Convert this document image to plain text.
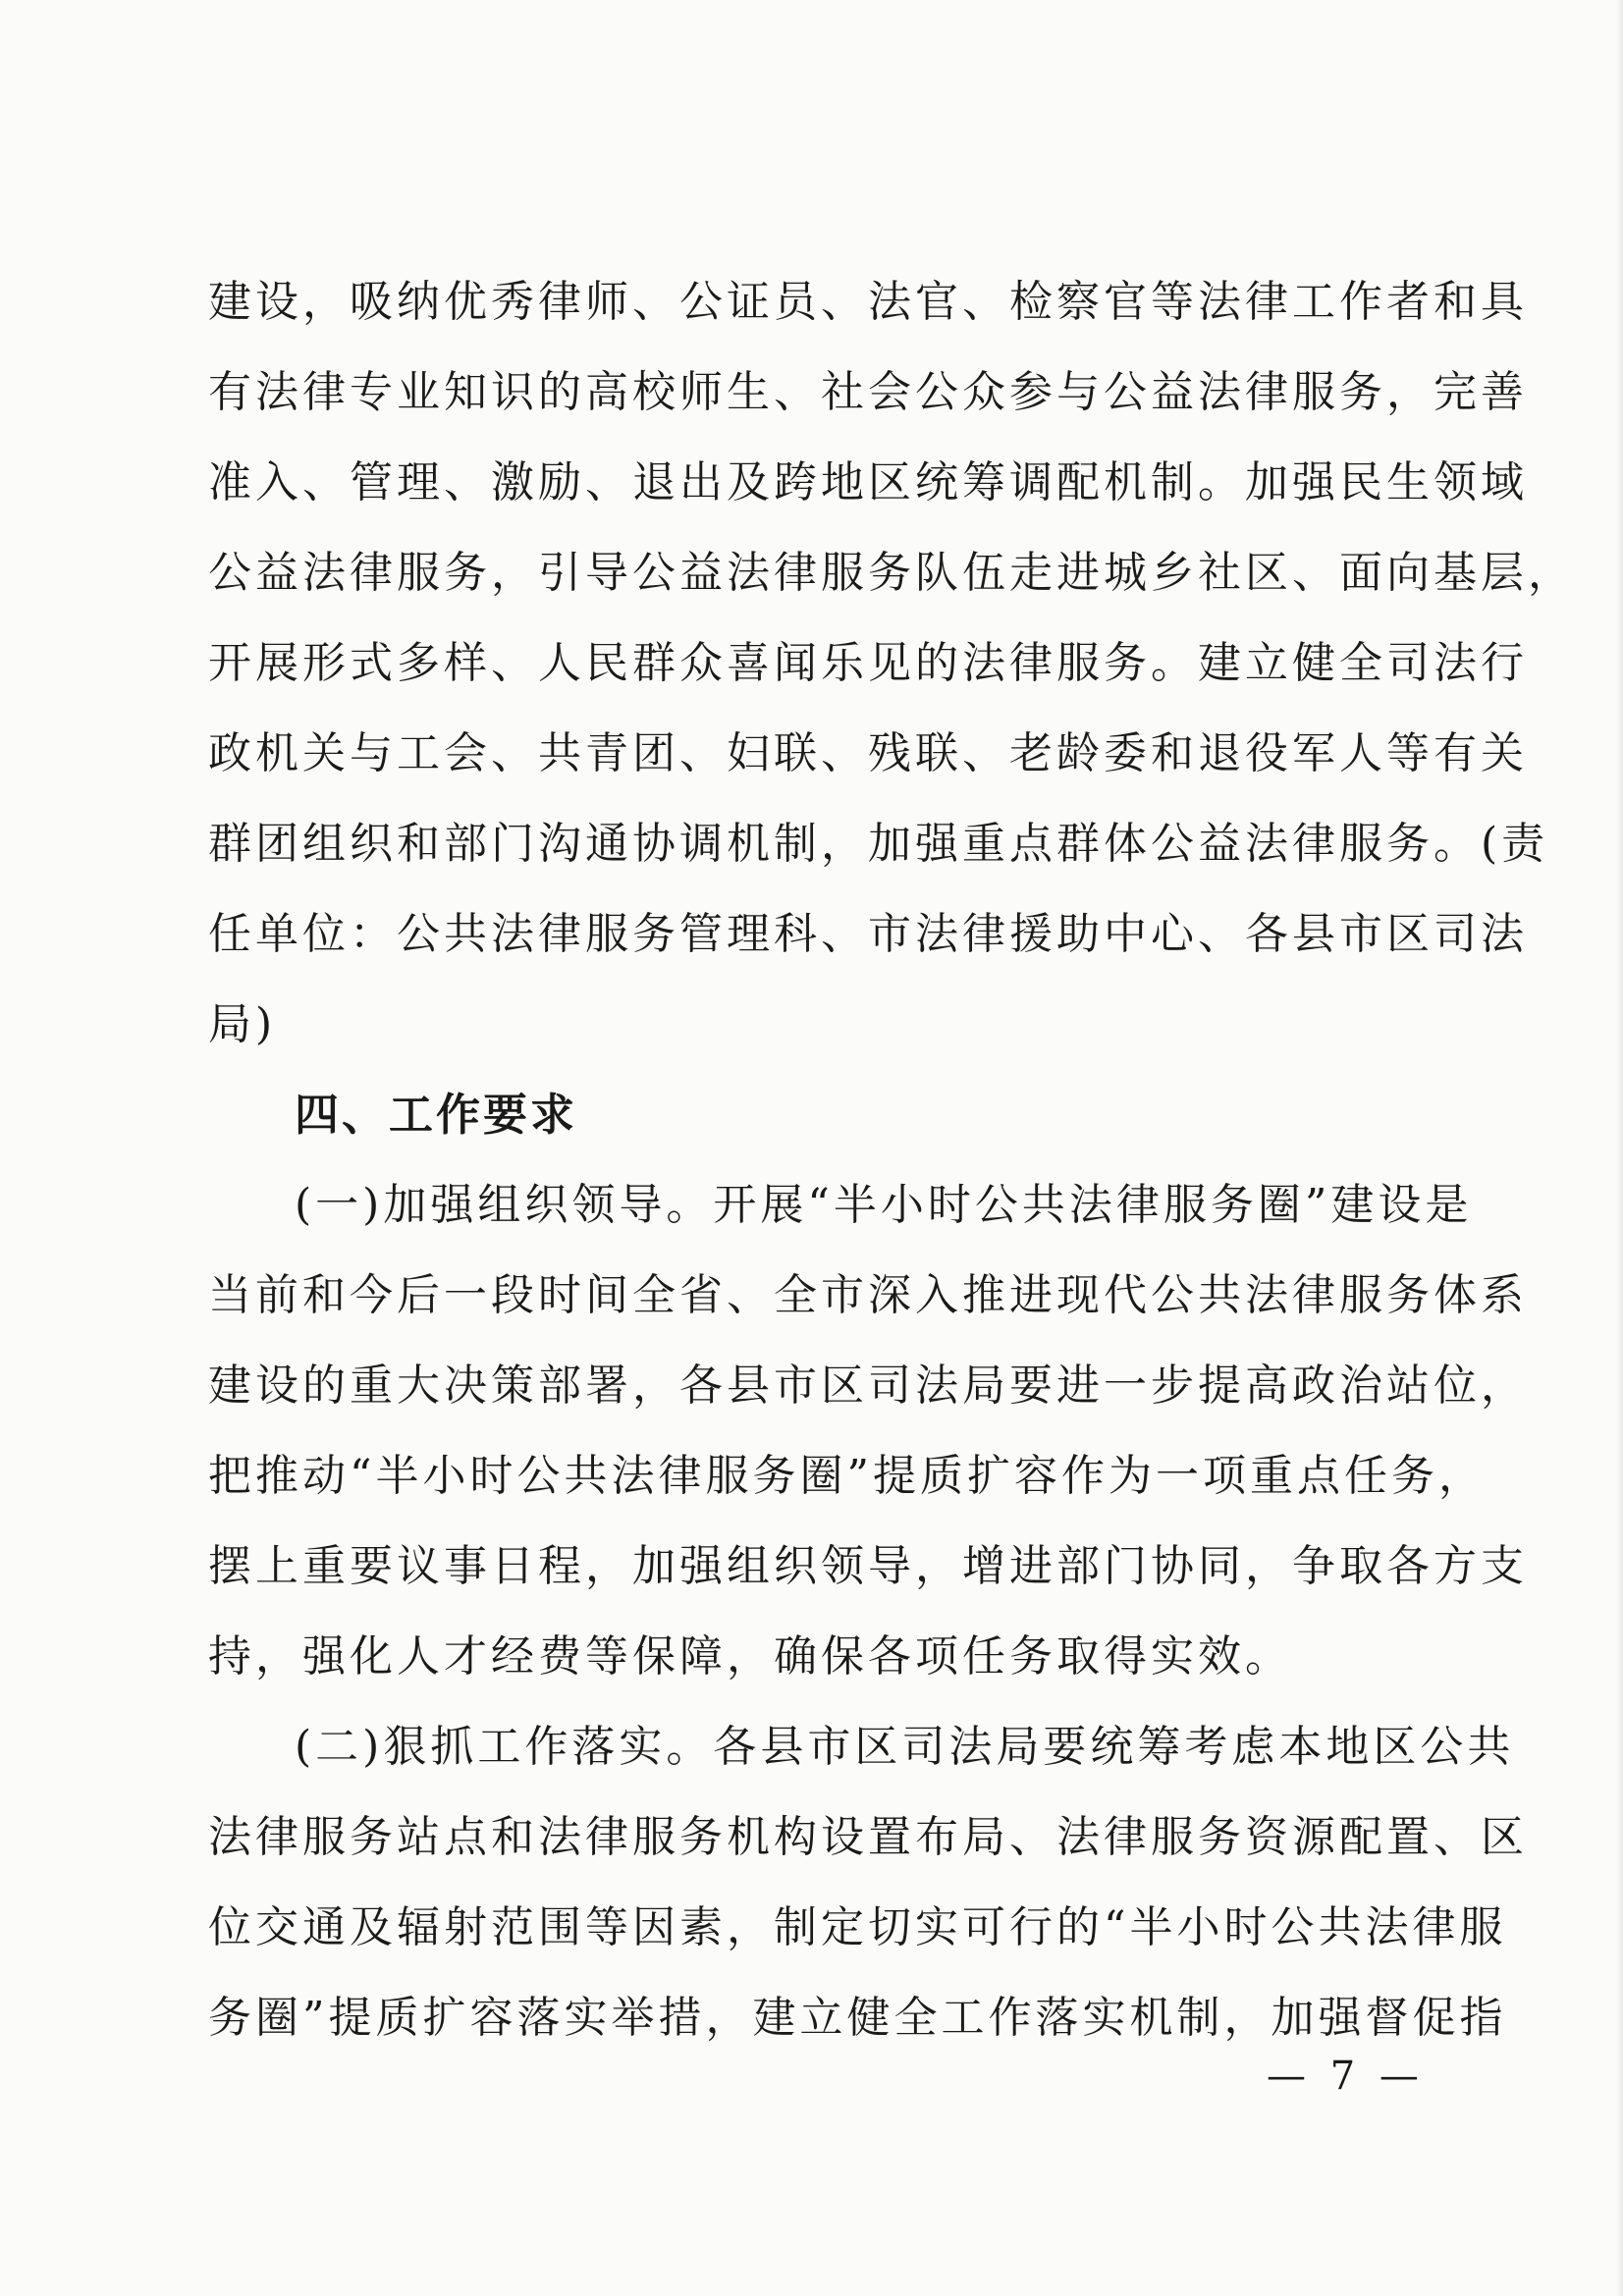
建设，吸纳优秀律师、公证员、法官、检察官等法律工作者和具
有法律专业知识的高校师生、社会公众参与公益法律服务，完善
准入、管理、激励、退出及跨地区统筹调配机制。加强民生领域
公益法律服务，引导公益法律服务队伍走进城乡社区、面向基层，
开展形式多样、人民群众喜闻乐见的法律服务。建立健全司法行
政机关与工会、共青团、妇联、残联、老龄委和退役军人等有关
群团组织和部门沟通协调机制，加强重点群体公益法律服务。(责
任单位：公共法律服务管理科、市法律援助中心、各县市区司法
局)
四、工作要求
(一)加强组织领导。开展“半小时公共法律服务圈”建设是
当前和今后一段时间全省、全市深入推进现代公共法律服务体系
建设的重大决策部署，各县市区司法局要进一步提高政治站位，
把推动“半小时公共法律服务圈”提质扩容作为一项重点任务，
摆上重要议事日程，加强组织领导，增进部门协同，争取各方支
持，强化人才经费等保障，确保各项任务取得实效。
(二)狠抓工作落实。各县市区司法局要统筹考虑本地区公共
法律服务站点和法律服务机构设置布局、法律服务资源配置、区
位交通及辐射范围等因素，制定切实可行的“半小时公共法律服
务圈”提质扩容落实举措，建立健全工作落实机制，加强督促指
— 7 —
